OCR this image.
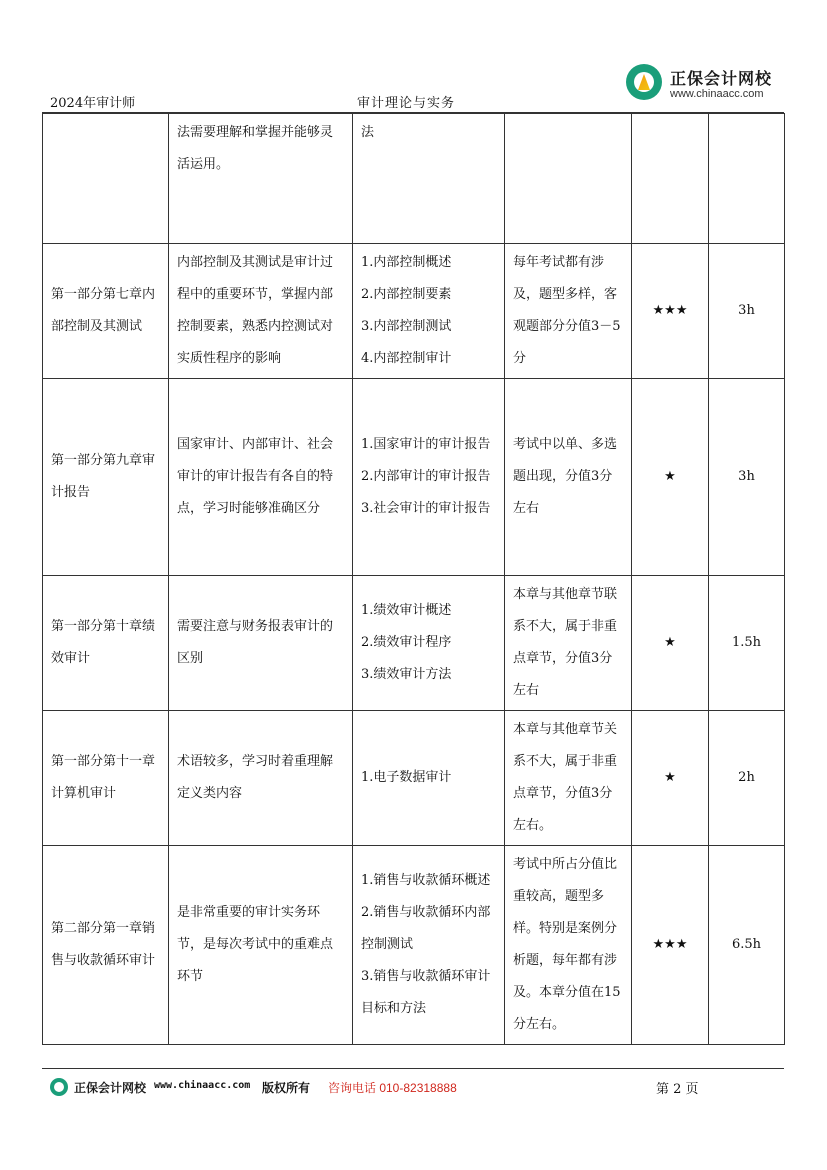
2024年审计师	审计理论与实务
正保会计网校
www.chinaacc.com
	法需要理解和掌握并能够灵活运用。	法			
第一部分第七章内部控制及其测试	内部控制及其测试是审计过程中的重要环节，掌握内部控制要素，熟悉内控测试对实质性程序的影响	1.内部控制概述
2.内部控制要素
3.内部控制测试
4.内部控制审计	每年考试都有涉及，题型多样，客观题部分分值3－5分	★★★	3h
第一部分第九章审计报告	国家审计、内部审计、社会审计的审计报告有各自的特点，学习时能够准确区分	1.国家审计的审计报告
2.内部审计的审计报告
3.社会审计的审计报告	考试中以单、多选题出现，分值3分左右	★	3h
第一部分第十章绩效审计	需要注意与财务报表审计的区别	1.绩效审计概述
2.绩效审计程序
3.绩效审计方法	本章与其他章节联系不大，属于非重点章节，分值3分左右	★	1.5h
第一部分第十一章 计算机审计	术语较多，学习时着重理解定义类内容	1.电子数据审计	本章与其他章节关系不大，属于非重点章节，分值3分左右。	★	2h
第二部分第一章销售与收款循环审计	是非常重要的审计实务环节，是每次考试中的重难点环节	1.销售与收款循环概述
2.销售与收款循环内部控制测试
3.销售与收款循环审计目标和方法	考试中所占分值比重较高，题型多样。特别是案例分析题，每年都有涉及。本章分值在15分左右。	★★★	6.5h
正保会计网校 www.chinaacc.com 版权所有 咨询电话 010-82318888	第 2 页
